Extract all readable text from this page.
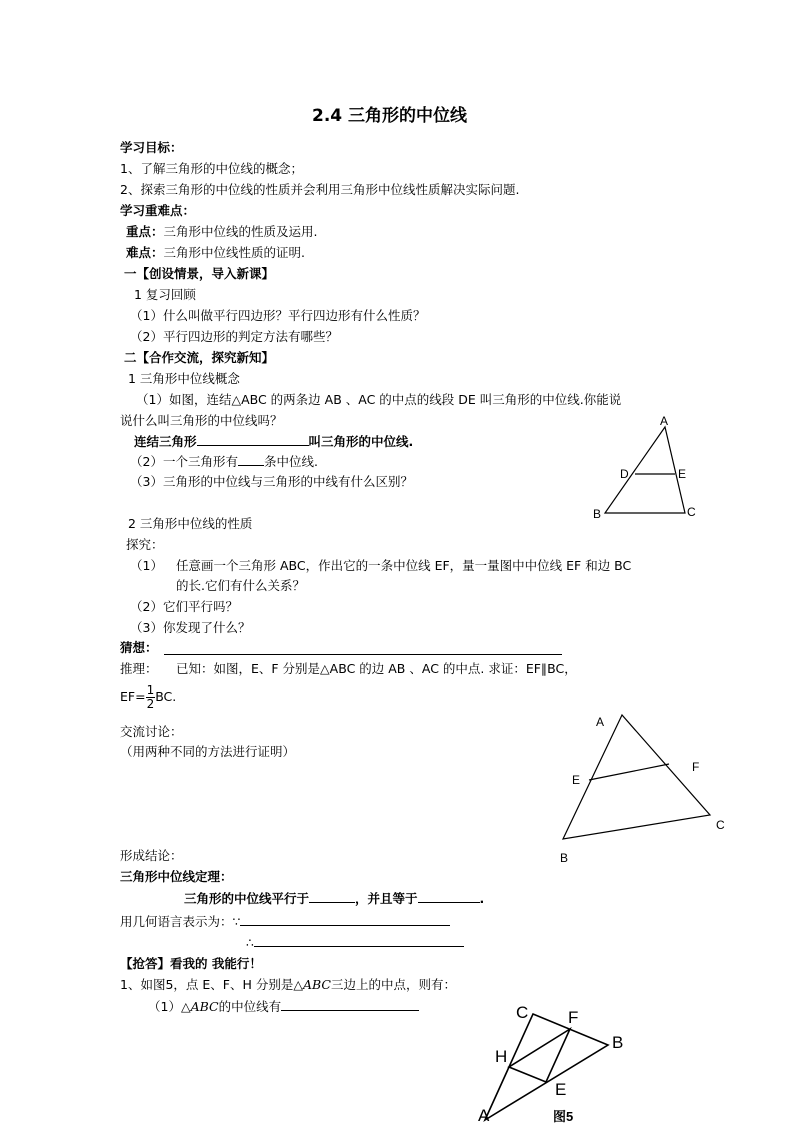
2.4 三角形的中位线
学习目标：
1、了解三角形的中位线的概念；
2、探索三角形的中位线的性质并会利用三角形中位线性质解决实际问题.
学习重难点：
重点：三角形中位线的性质及运用.
难点：三角形中位线性质的证明.
一【创设情景，导入新课】
1 复习回顾
（1）什么叫做平行四边形？平行四边形有什么性质？
（2）平行四边形的判定方法有哪些？
二【合作交流，探究新知】
1 三角形中位线概念
（1）如图，连结△ABC 的两条边 AB 、AC 的中点的线段 DE 叫三角形的中位线.你能说
说什么叫三角形的中位线吗？
连结三角形	叫三角形的中位线.
（2）一个三角形有 条中位线.
（3）三角形的中位线与三角形的中线有什么区别？
2 三角形中位线的性质
探究：
（1） 任意画一个三角形 ABC，作出它的一条中位线 EF，量一量图中中位线 EF 和边 BC
的长.它们有什么关系？
（2）它们平行吗？
（3）你发现了什么？
猜想：
推理： 已知：如图，E、F 分别是△ABC 的边 AB 、AC 的中点. 求证：EF∥BC，
$EF= \frac{1}{2}$ BC.
交流讨论：
（用两种不同的方法进行证明）
形成结论：
三角形中位线定理：
三角形的中位线平行于	，并且等于	.
用几何语言表示为：∵
∴
【抢答】看我的 我能行！
1、如图5，点 E、F、H 分别是△ABC三边上的中点，则有：
（1）△ABC的中位线有
A
D	E
B	C
A
E
F
C
B
C F
B
H
E
A	图5
